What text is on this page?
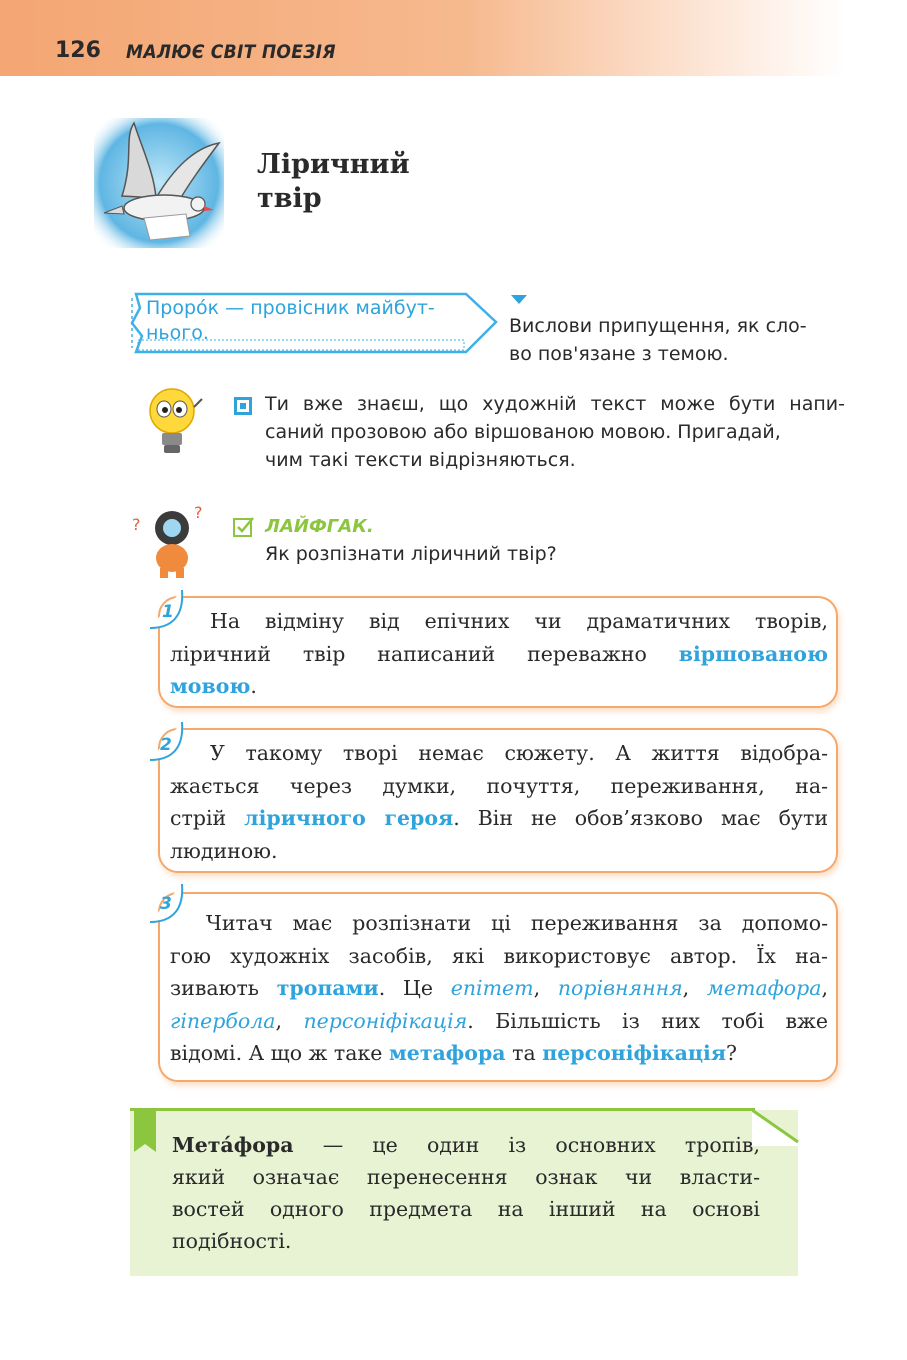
126 МАЛЮЄ СВІТ ПОЕЗІЯ
Ліричний
твір
Проро́к — провісник майбут-
нього.	Вислови припущення, як сло-
во пов'язане з темою.
Ти вже знаєш, що художній текст може бути напи-
саний прозовою або віршованою мовою. Пригадай,
чим такі тексти відрізняються.
?
?
ЛАЙФГАК.
Як розпізнати ліричний твір?
1	На відміну від епічних чи драматичних творів,
ліричний твір написаний переважно віршованою
мовою.
2	У такому творі немає сюжету. А життя відобра-
жається через думки, почуття, переживання, на-
стрій ліричного героя. Він не обов’язково має бути
людиною.
3
Читач має розпізнати ці переживання за допомо-
гою художніх засобів, які використовує автор. Їх на-
зивають тропами. Це епітет, порівняння, метафора,
гіпербола, персоніфікація. Більшість із них тобі вже
відомі. А що ж таке метафора та персоніфікація?
Мета́фора — це один із основних тропів,
який означає перенесення ознак чи власти-
востей одного предмета на інший на основі
подібності.
